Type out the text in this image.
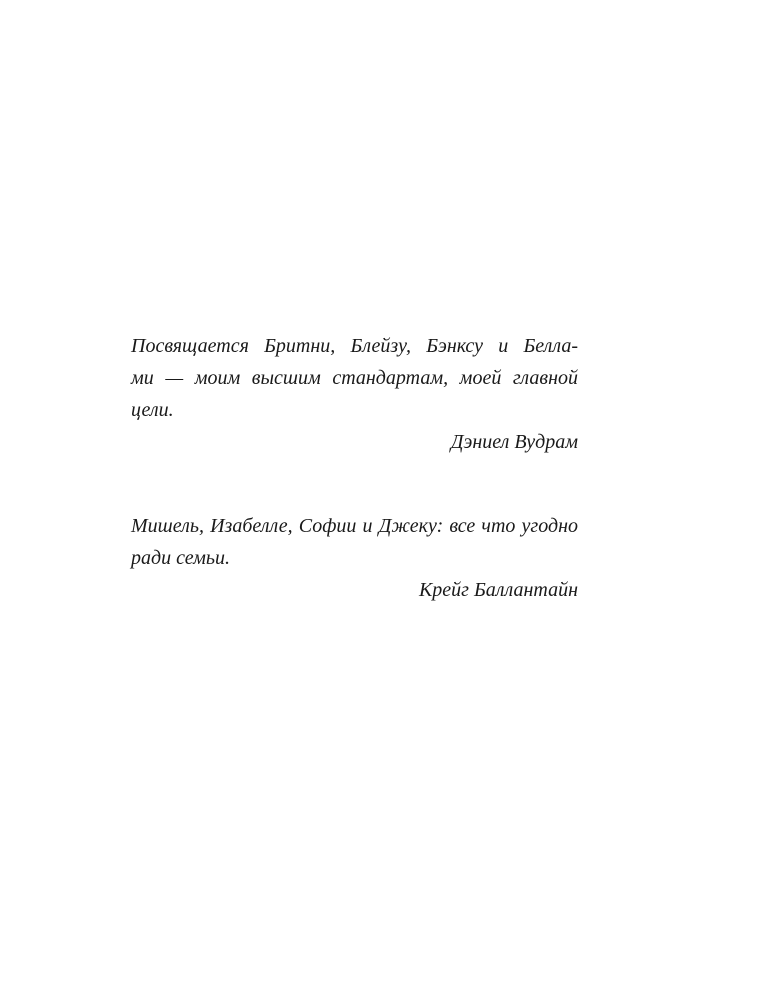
Посвящается Бритни, Блейзу, Бэнксу и Белла-
ми — моим высшим стандартам, моей главной
цели.
Дэниел Вудрам
Мишель, Изабелле, Софии и Джеку: все что угодно
ради семьи.
Крейг Баллантайн
